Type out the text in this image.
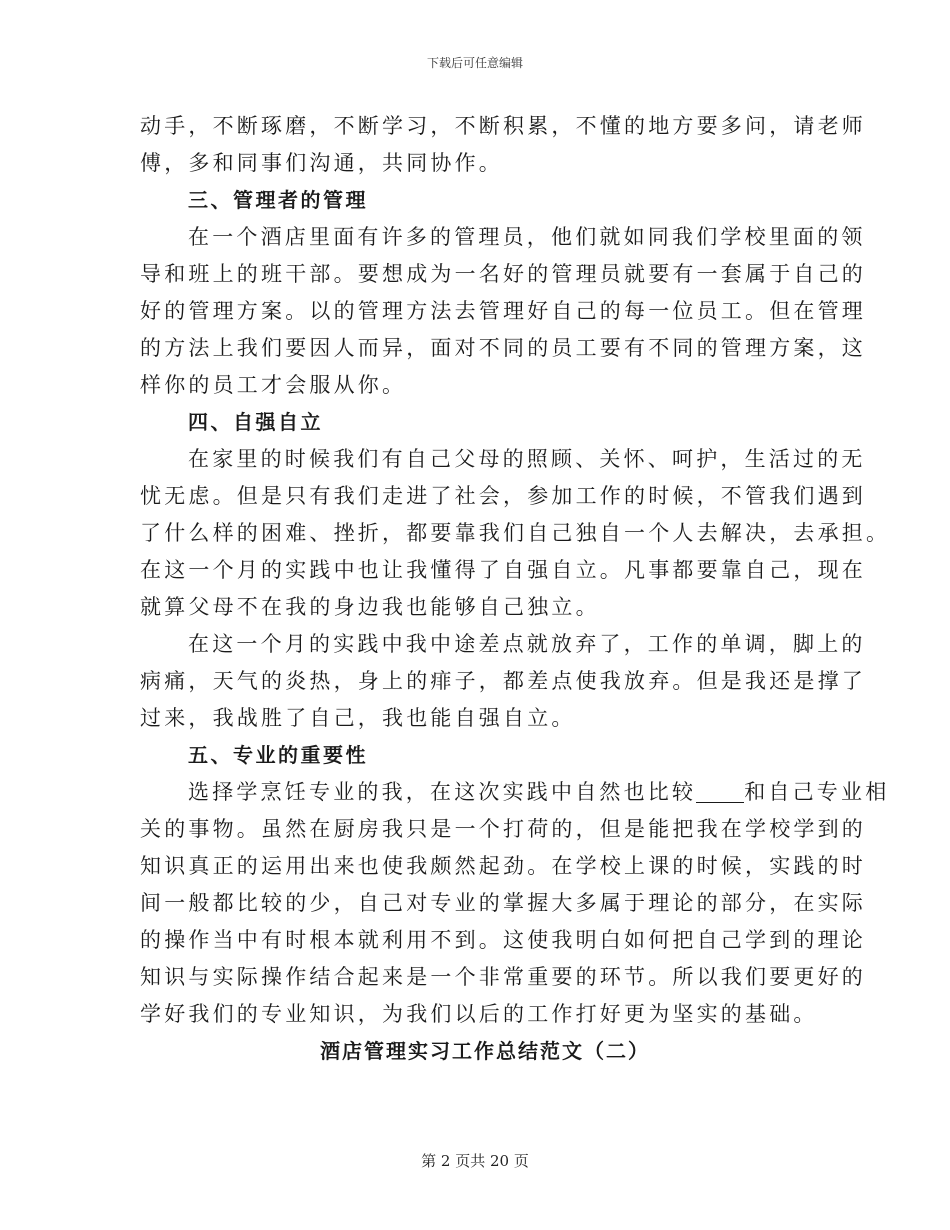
下载后可任意编辑
动手，不断琢磨，不断学习，不断积累，不懂的地方要多问，请老师
傅，多和同事们沟通，共同协作。
三、管理者的管理
在一个酒店里面有许多的管理员，他们就如同我们学校里面的领
导和班上的班干部。要想成为一名好的管理员就要有一套属于自己的
好的管理方案。以的管理方法去管理好自己的每一位员工。但在管理
的方法上我们要因人而异，面对不同的员工要有不同的管理方案，这
样你的员工才会服从你。
四、自强自立
在家里的时候我们有自己父母的照顾、关怀、呵护，生活过的无
忧无虑。但是只有我们走进了社会，参加工作的时候，不管我们遇到
了什么样的困难、挫折，都要靠我们自己独自一个人去解决，去承担。
在这一个月的实践中也让我懂得了自强自立。凡事都要靠自己，现在
就算父母不在我的身边我也能够自己独立。
在这一个月的实践中我中途差点就放弃了，工作的单调，脚上的
病痛，天气的炎热，身上的痱子，都差点使我放弃。但是我还是撑了
过来，我战胜了自己，我也能自强自立。
五、专业的重要性
选择学烹饪专业的我，在这次实践中自然也比较 和自己专业相
关的事物。虽然在厨房我只是一个打荷的，但是能把我在学校学到的
知识真正的运用出来也使我颇然起劲。在学校上课的时候，实践的时
间一般都比较的少，自己对专业的掌握大多属于理论的部分，在实际
的操作当中有时根本就利用不到。这使我明白如何把自己学到的理论
知识与实际操作结合起来是一个非常重要的环节。所以我们要更好的
学好我们的专业知识，为我们以后的工作打好更为坚实的基础。
酒店管理实习工作总结范文（二）
第 2 页共 20 页
